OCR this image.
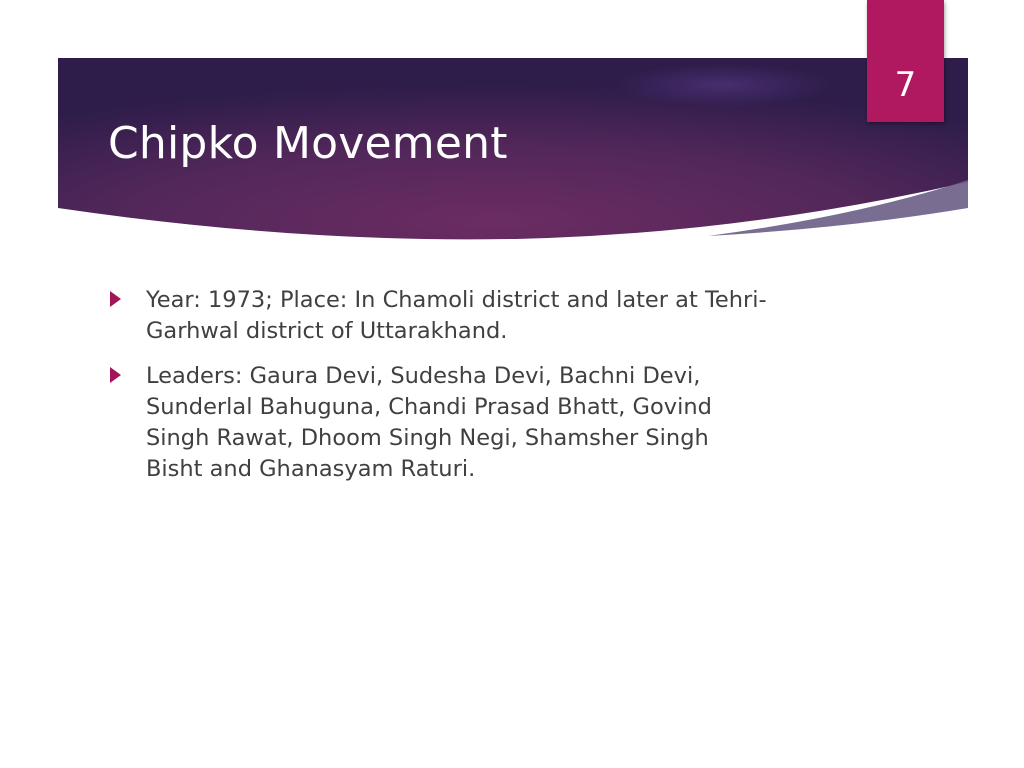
Chipko Movement
7
Year: 1973; Place: In Chamoli district and later at Tehri-Garhwal district of Uttarakhand.
Leaders: Gaura Devi, Sudesha Devi, Bachni Devi, Sunderlal Bahuguna, Chandi Prasad Bhatt, Govind Singh Rawat, Dhoom Singh Negi, Shamsher Singh Bisht and Ghanasyam Raturi.
